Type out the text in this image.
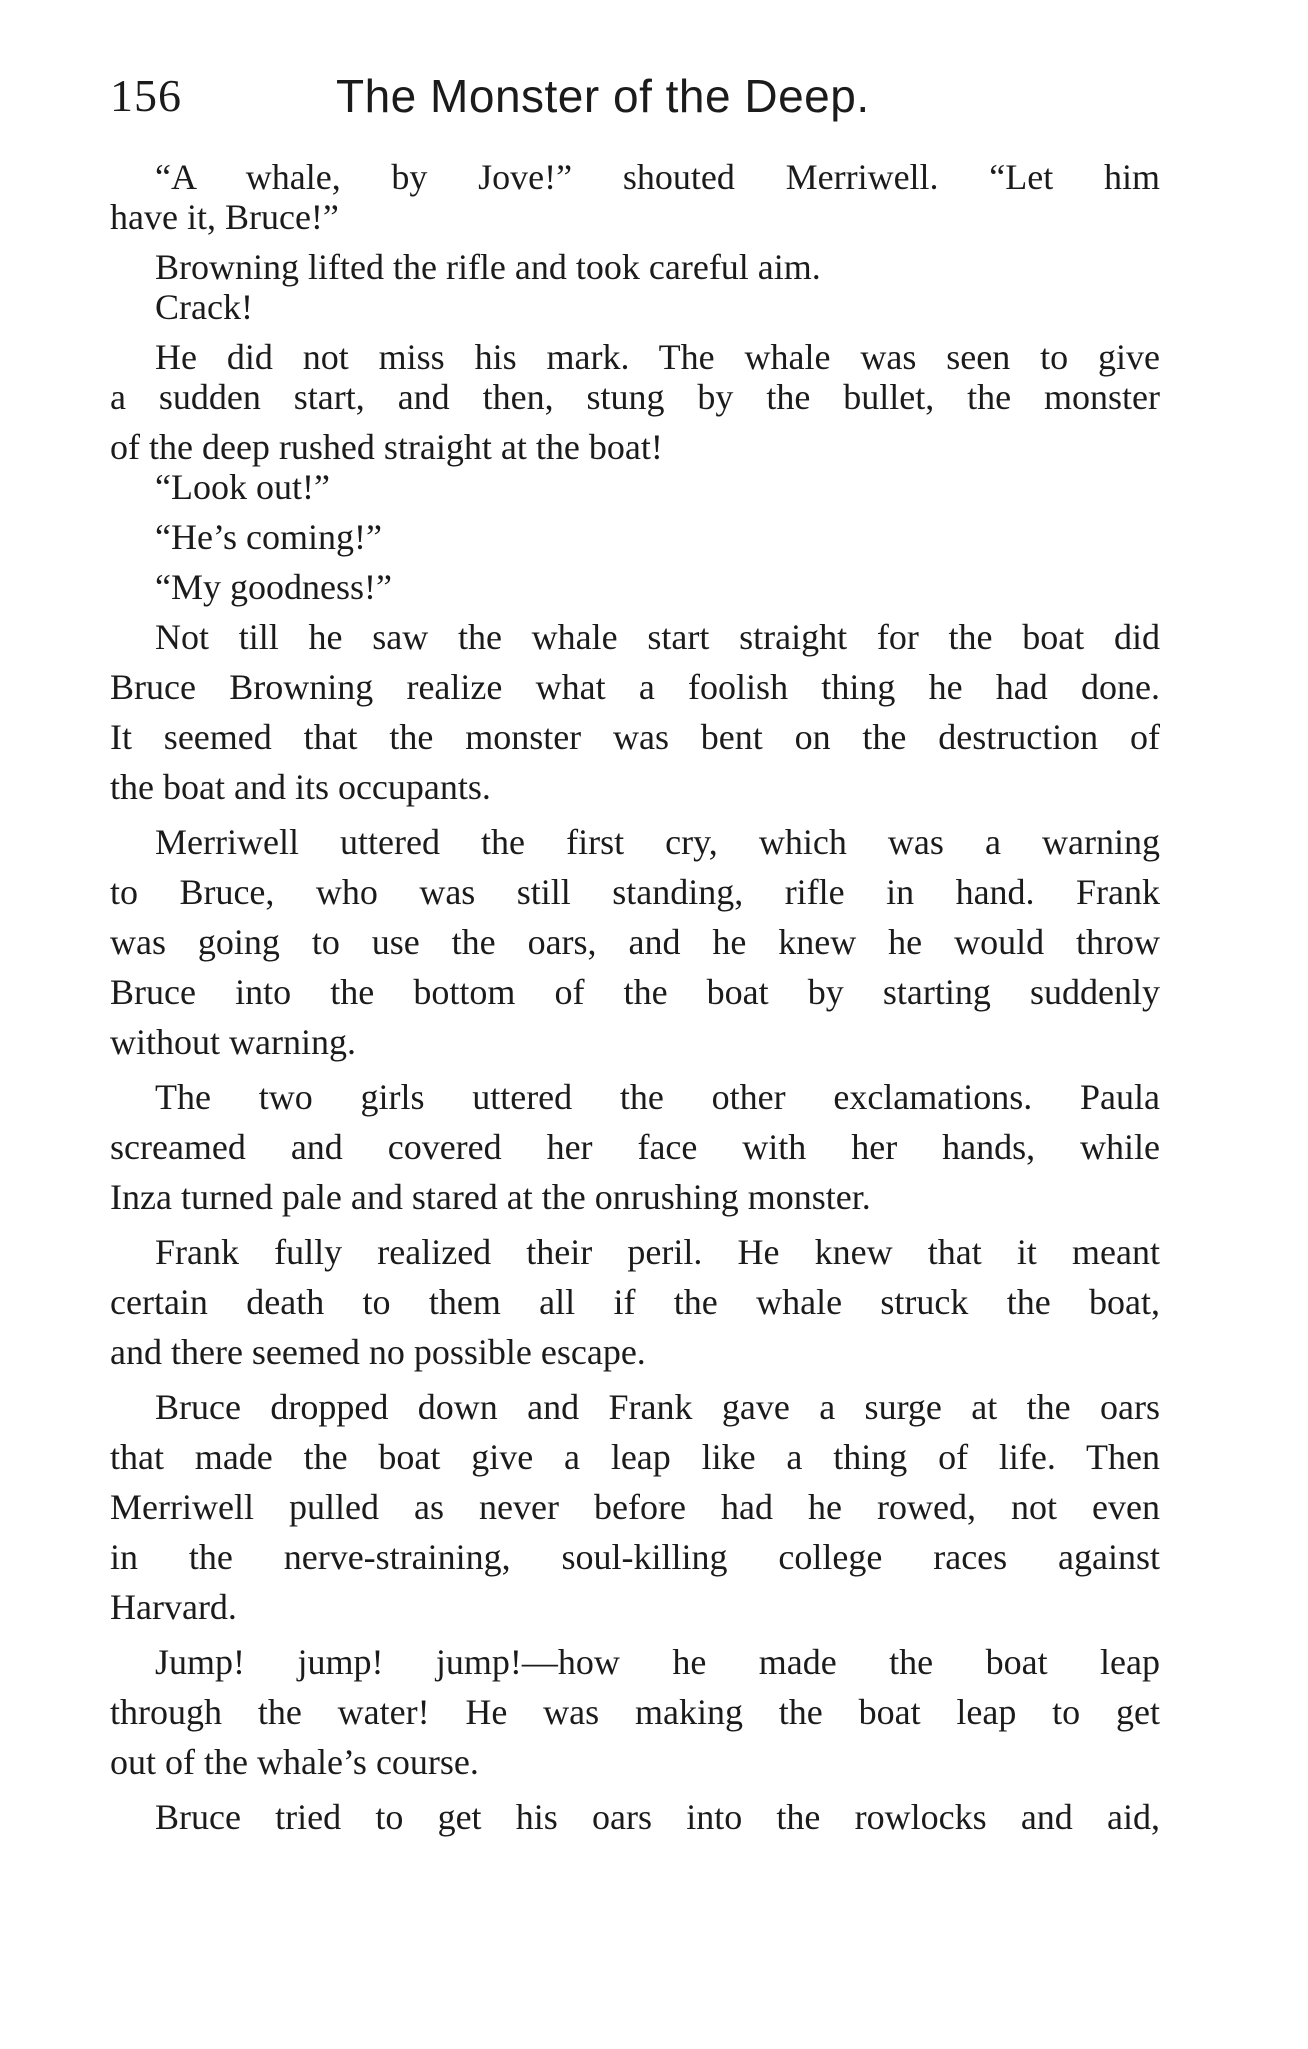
156	The Monster of the Deep.
“A whale, by Jove!” shouted Merriwell. “Let him
have it, Bruce!”
Browning lifted the rifle and took careful aim.
Crack!
He did not miss his mark. The whale was seen to give
a sudden start, and then, stung by the bullet, the monster
of the deep rushed straight at the boat!
“Look out!”
“He’s coming!”
“My goodness!”
Not till he saw the whale start straight for the boat did
Bruce Browning realize what a foolish thing he had done.
It seemed that the monster was bent on the destruction of
the boat and its occupants.
Merriwell uttered the first cry, which was a warning
to Bruce, who was still standing, rifle in hand. Frank
was going to use the oars, and he knew he would throw
Bruce into the bottom of the boat by starting suddenly
without warning.
The two girls uttered the other exclamations. Paula
screamed and covered her face with her hands, while
Inza turned pale and stared at the onrushing monster.
Frank fully realized their peril. He knew that it meant
certain death to them all if the whale struck the boat,
and there seemed no possible escape.
Bruce dropped down and Frank gave a surge at the oars
that made the boat give a leap like a thing of life. Then
Merriwell pulled as never before had he rowed, not even
in the nerve-straining, soul-killing college races against
Harvard.
Jump! jump! jump!—how he made the boat leap
through the water! He was making the boat leap to get
out of the whale’s course.
Bruce tried to get his oars into the rowlocks and aid,
